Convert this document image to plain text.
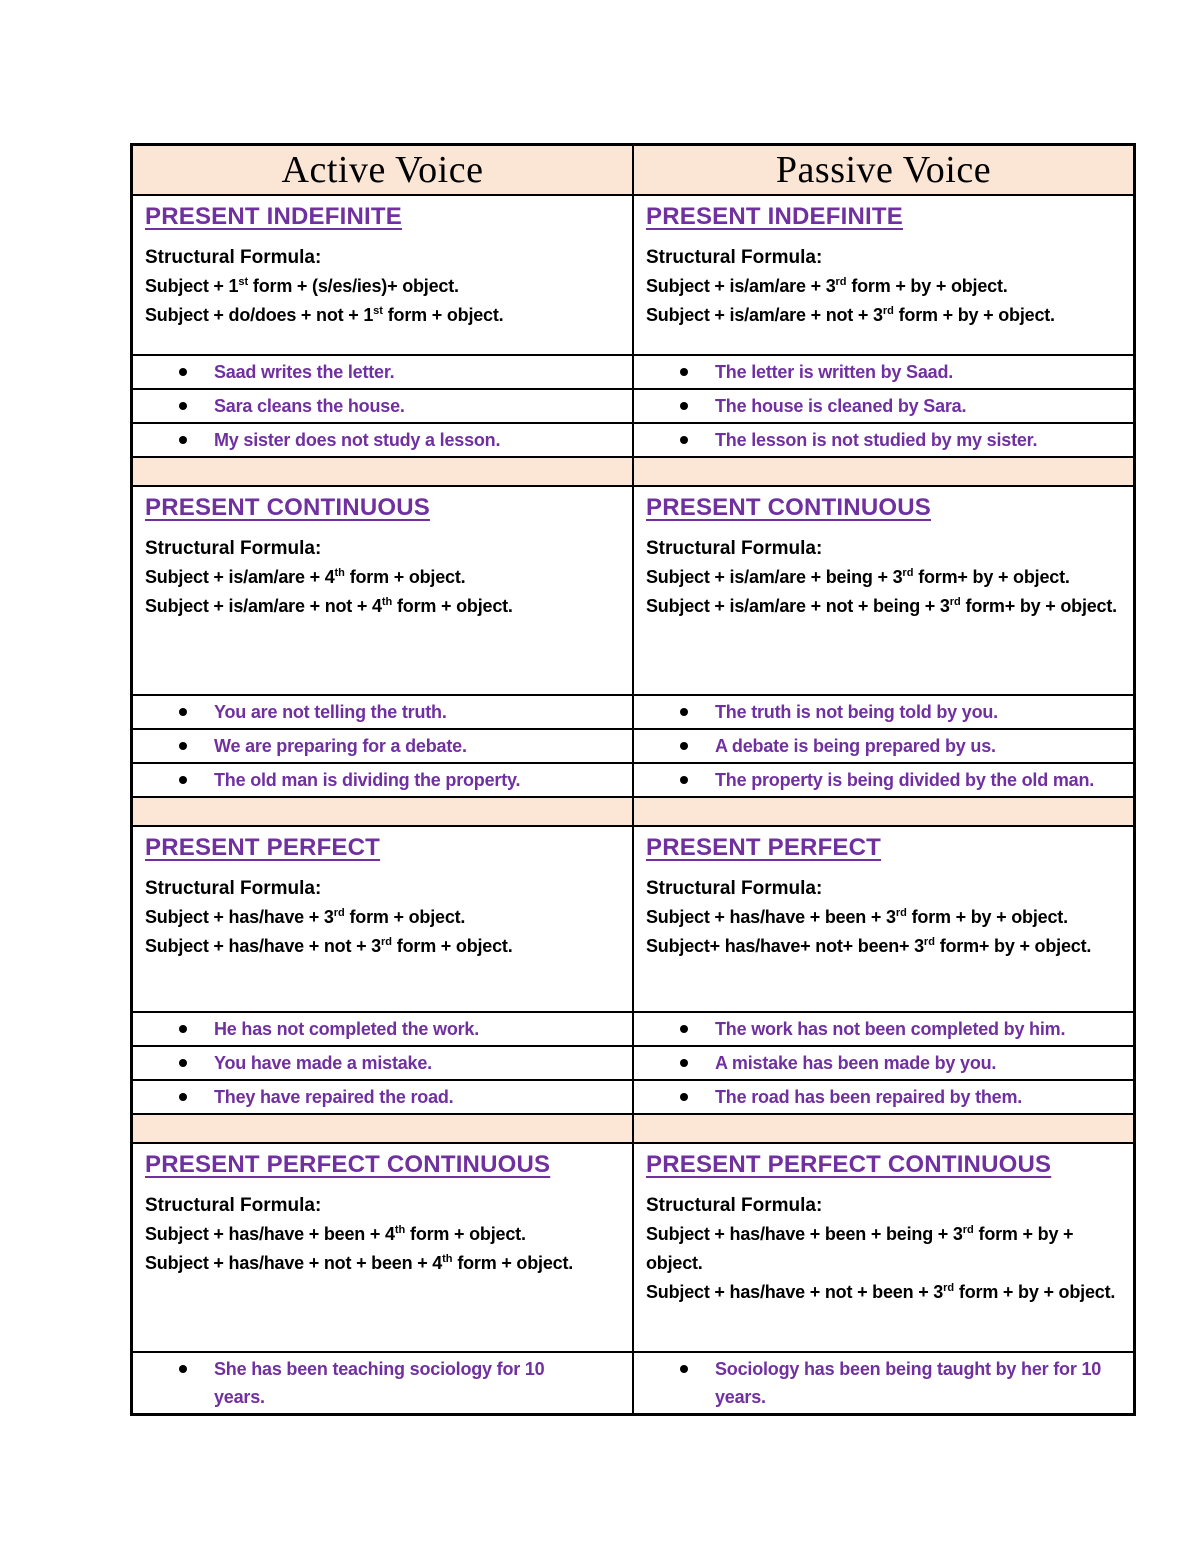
Active Voice	Passive Voice
PRESENT INDEFINITE
Structural Formula:
Subject + 1st form + (s/es/ies)+ object.
Subject + do/does + not + 1st form + object.
	PRESENT INDEFINITE
Structural Formula:
Subject + is/am/are + 3rd form + by + object.
Subject + is/am/are + not + 3rd form + by + object.

Saad writes the letter.	The letter is written by Saad.

Sara cleans the house.	The house is cleaned by Sara.

My sister does not study a lesson.	The lesson is not studied by my sister.

PRESENT CONTINUOUS
Structural Formula:
Subject + is/am/are + 4th form + object.
Subject + is/am/are + not + 4th form + object.
	PRESENT CONTINUOUS
Structural Formula:
Subject + is/am/are + being + 3rd form+ by + object.
Subject + is/am/are + not + being + 3rd form+ by + object.

You are not telling the truth.	The truth is not being told by you.

We are preparing for a debate.	A debate is being prepared by us.

The old man is dividing the property.	The property is being divided by the old man.

PRESENT PERFECT
Structural Formula:
Subject + has/have + 3rd form + object.
Subject + has/have + not + 3rd form + object.
	PRESENT PERFECT
Structural Formula:
Subject + has/have + been + 3rd form + by + object.
Subject+ has/have+ not+ been+ 3rd form+ by + object.

He has not completed the work.	The work has not been completed by him.

You have made a mistake.	A mistake has been made by you.

They have repaired the road.	The road has been repaired by them.

PRESENT PERFECT CONTINUOUS
Structural Formula:
Subject + has/have + been + 4th form + object.
Subject + has/have + not + been + 4th form + object.
	PRESENT PERFECT CONTINUOUS
Structural Formula:
Subject + has/have + been + being + 3rd form + by + object.
Subject + has/have + not + been + 3rd form + by + object.

She has been teaching sociology for 10 years.	Sociology has been being taught by her for 10 years.
